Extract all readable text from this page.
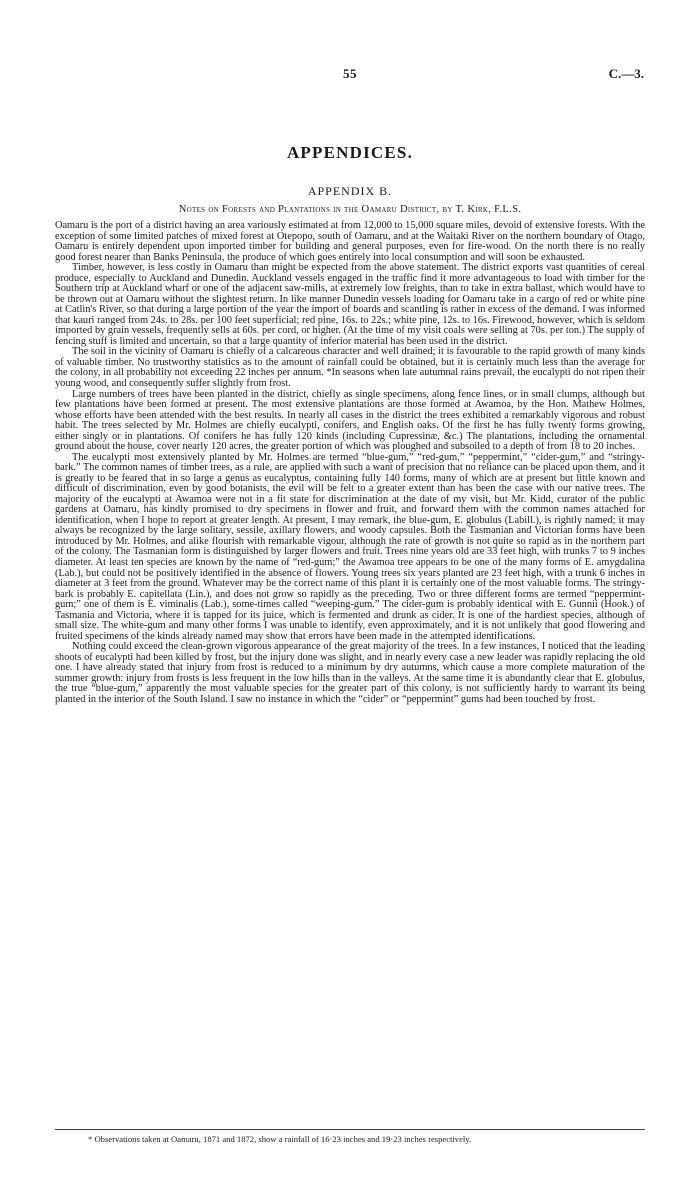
55	C.—3.
APPENDICES.
APPENDIX B.
Notes on Forests and Plantations in the Oamaru District, by T. Kirk, F.L.S.

Oamaru is the port of a district having an area variously estimated at from 12,000 to 15,000 square miles, devoid of extensive forests. With the exception of some limited patches of mixed forest at Otepopo, south of Oamaru, and at the Waitaki River on the northern boundary of Otago, Oamaru is entirely dependent upon imported timber for building and general purposes, even for fire-wood. On the north there is no really good forest nearer than Banks Peninsula, the produce of which goes entirely into local consumption and will soon be exhausted.

Timber, however, is less costly in Oamaru than might be expected from the above statement. The district exports vast quantities of cereal produce, especially to Auckland and Dunedin. Auckland vessels engaged in the traffic find it more advantageous to load with timber for the Southern trip at Auckland wharf or one of the adjacent saw-mills, at extremely low freights, than to take in extra ballast, which would have to be thrown out at Oamaru without the slightest return. In like manner Dunedin vessels loading for Oamaru take in a cargo of red or white pine at Catlin's River, so that during a large portion of the year the import of boards and scantling is rather in excess of the demand. I was informed that kauri ranged from 24s. to 28s. per 100 feet superficial; red pine, 16s. to 22s.; white pine, 12s. to 16s. Firewood, however, which is seldom imported by grain vessels, frequently sells at 60s. per cord, or higher. (At the time of my visit coals were selling at 70s. per ton.) The supply of fencing stuff is limited and uncertain, so that a large quantity of inferior material has been used in the district.

The soil in the vicinity of Oamaru is chiefly of a calcareous character and well drained; it is favourable to the rapid growth of many kinds of valuable timber. No trustworthy statistics as to the amount of rainfall could be obtained, but it is certainly much less than the average for the colony, in all probability not exceeding 22 inches per annum. *In seasons when late autumnal rains prevail, the eucalypti do not ripen their young wood, and consequently suffer slightly from frost.

Large numbers of trees have been planted in the district, chiefly as single specimens, along fence lines, or in small clumps, although but few plantations have been formed at present. The most extensive plantations are those formed at Awamoa, by the Hon. Mathew Holmes, whose efforts have been attended with the best results. In nearly all cases in the district the trees exhibited a remarkably vigorous and robust habit. The trees selected by Mr. Holmes are chiefly eucalypti, conifers, and English oaks. Of the first he has fully twenty forms growing, either singly or in plantations. Of conifers he has fully 120 kinds (including Cupressinæ, &c.) The plantations, including the ornamental ground about the house, cover nearly 120 acres, the greater portion of which was ploughed and subsoiled to a depth of from 18 to 20 inches.

The eucalypti most extensively planted by Mr. Holmes are termed “blue-gum,” “red-gum,” “peppermint,” “cider-gum,” and “stringy-bark.” The common names of timber trees, as a rule, are applied with such a want of precision that no reliance can be placed upon them, and it is greatly to be feared that in so large a genus as eucalyptus, containing fully 140 forms, many of which are at present but little known and difficult of discrimination, even by good botanists, the evil will be felt to a greater extent than has been the case with our native trees. The majority of the eucalypti at Awamoa were not in a fit state for discrimination at the date of my visit, but Mr. Kidd, curator of the public gardens at Oamaru, has kindly promised to dry specimens in flower and fruit, and forward them with the common names attached for identification, when I hope to report at greater length. At present, I may remark, the blue-gum, E. globulus (Labill.), is rightly named; it may always be recognized by the large solitary, sessile, axillary flowers, and woody capsules. Both the Tasmanian and Victorian forms have been introduced by Mr. Holmes, and alike flourish with remarkable vigour, although the rate of growth is not quite so rapid as in the northern part of the colony. The Tasmanian form is distinguished by larger flowers and fruit. Trees nine years old are 33 feet high, with trunks 7 to 9 inches diameter. At least ten species are known by the name of “red-gum;” the Awamoa tree appears to be one of the many forms of E. amygdalina (Lab.), but could not be positively identified in the absence of flowers. Young trees six years planted are 23 feet high, with a trunk 6 inches in diameter at 3 feet from the ground. Whatever may be the correct name of this plant it is certainly one of the most valuable forms. The stringy-bark is probably E. capitellata (Lin.), and does not grow so rapidly as the preceding. Two or three different forms are termed “peppermint-gum;” one of them is E. viminalis (Lab.), some-times called “weeping-gum.” The cider-gum is probably identical with E. Gunnii (Hook.) of Tasmania and Victoria, where it is tapped for its juice, which is fermented and drunk as cider. It is one of the hardiest species, although of small size. The white-gum and many other forms I was unable to identify, even approximately, and it is not unlikely that good flowering and fruited specimens of the kinds already named may show that errors have been made in the attempted identifications.

Nothing could exceed the clean-grown vigorous appearance of the great majority of the trees. In a few instances, I noticed that the leading shoots of eucalypti had been killed by frost, but the injury done was slight, and in nearly every case a new leader was rapidly replacing the old one. I have already stated that injury from frost is reduced to a minimum by dry autumns, which cause a more complete maturation of the summer growth: injury from frosts is less frequent in the low hills than in the valleys. At the same time it is abundantly clear that E. globulus, the true “blue-gum,” apparently the most valuable species for the greater part of this colony, is not sufficiently hardy to warrant its being planted in the interior of the South Island. I saw no instance in which the “cider” or “peppermint” gums had been touched by frost.

* Observations taken at Oamaru, 1871 and 1872, show a rainfall of 16·23 inches and 19·23 inches respectively.
